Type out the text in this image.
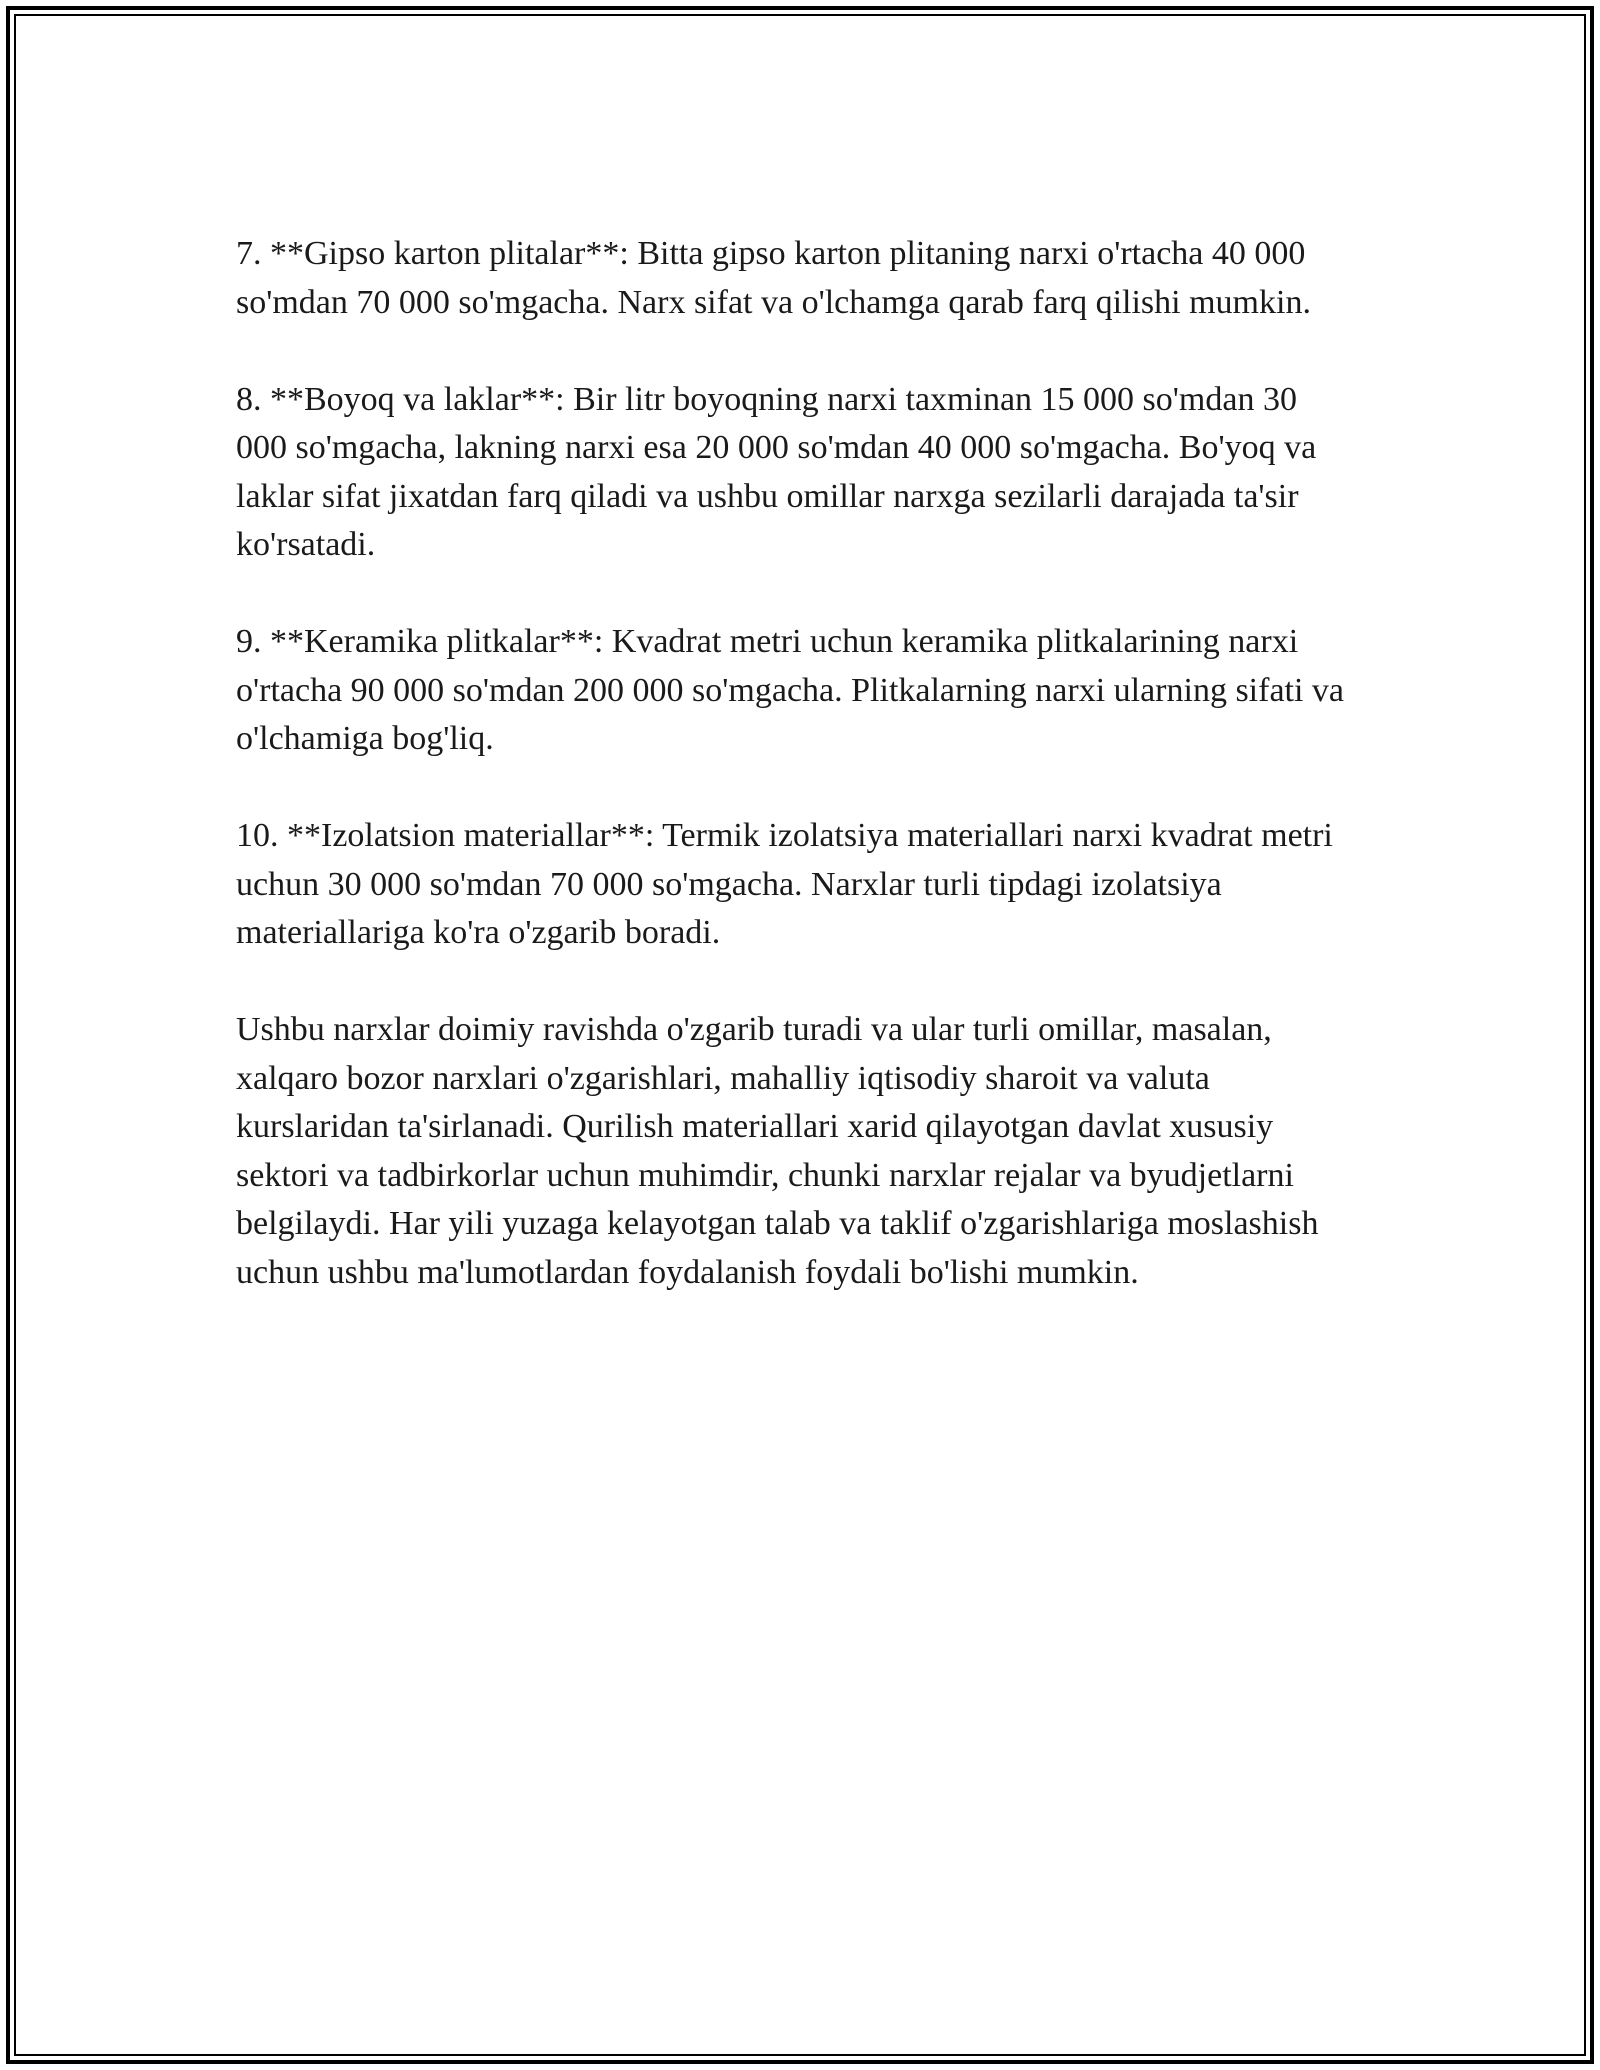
7. **Gipso karton plitalar**: Bitta gipso karton plitaning narxi o'rtacha 40 000 so'mdan 70 000 so'mgacha. Narx sifat va o'lchamga qarab farq qilishi mumkin.

8. **Boyoq va laklar**: Bir litr boyoqning narxi taxminan 15 000 so'mdan 30 000 so'mgacha, lakning narxi esa 20 000 so'mdan 40 000 so'mgacha. Bo'yoq va laklar sifat jixatdan farq qiladi va ushbu omillar narxga sezilarli darajada ta'sir ko'rsatadi.

9. **Keramika plitkalar**: Kvadrat metri uchun keramika plitkalarining narxi o'rtacha 90 000 so'mdan 200 000 so'mgacha. Plitkalarning narxi ularning sifati va o'lchamiga bog'liq.

10. **Izolatsion materiallar**: Termik izolatsiya materiallari narxi kvadrat metri uchun 30 000 so'mdan 70 000 so'mgacha. Narxlar turli tipdagi izolatsiya materiallariga ko'ra o'zgarib boradi.

Ushbu narxlar doimiy ravishda o'zgarib turadi va ular turli omillar, masalan, xalqaro bozor narxlari o'zgarishlari, mahalliy iqtisodiy sharoit va valuta kurslaridan ta'sirlanadi. Qurilish materiallari xarid qilayotgan davlat xususiy sektori va tadbirkorlar uchun muhimdir, chunki narxlar rejalar va byudjetlarni belgilaydi. Har yili yuzaga kelayotgan talab va taklif o'zgarishlariga moslashish uchun ushbu ma'lumotlardan foydalanish foydali bo'lishi mumkin.
